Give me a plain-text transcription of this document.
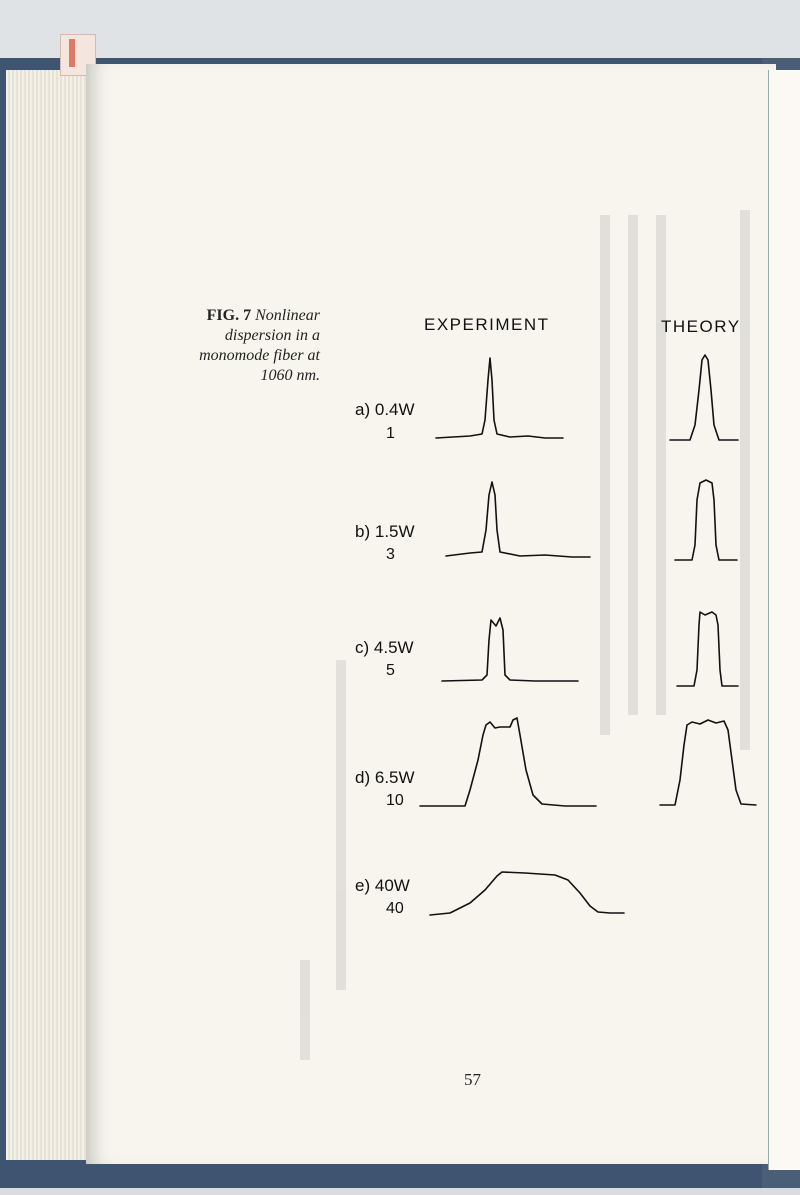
FIG. 7 Nonlinear
dispersion in a
monomode fiber at
1060 nm.
EXPERIMENT	THEORY
a) 0.4W
1
b) 1.5W
3
c) 4.5W
5
d) 6.5W
10
e) 40W
40
57
